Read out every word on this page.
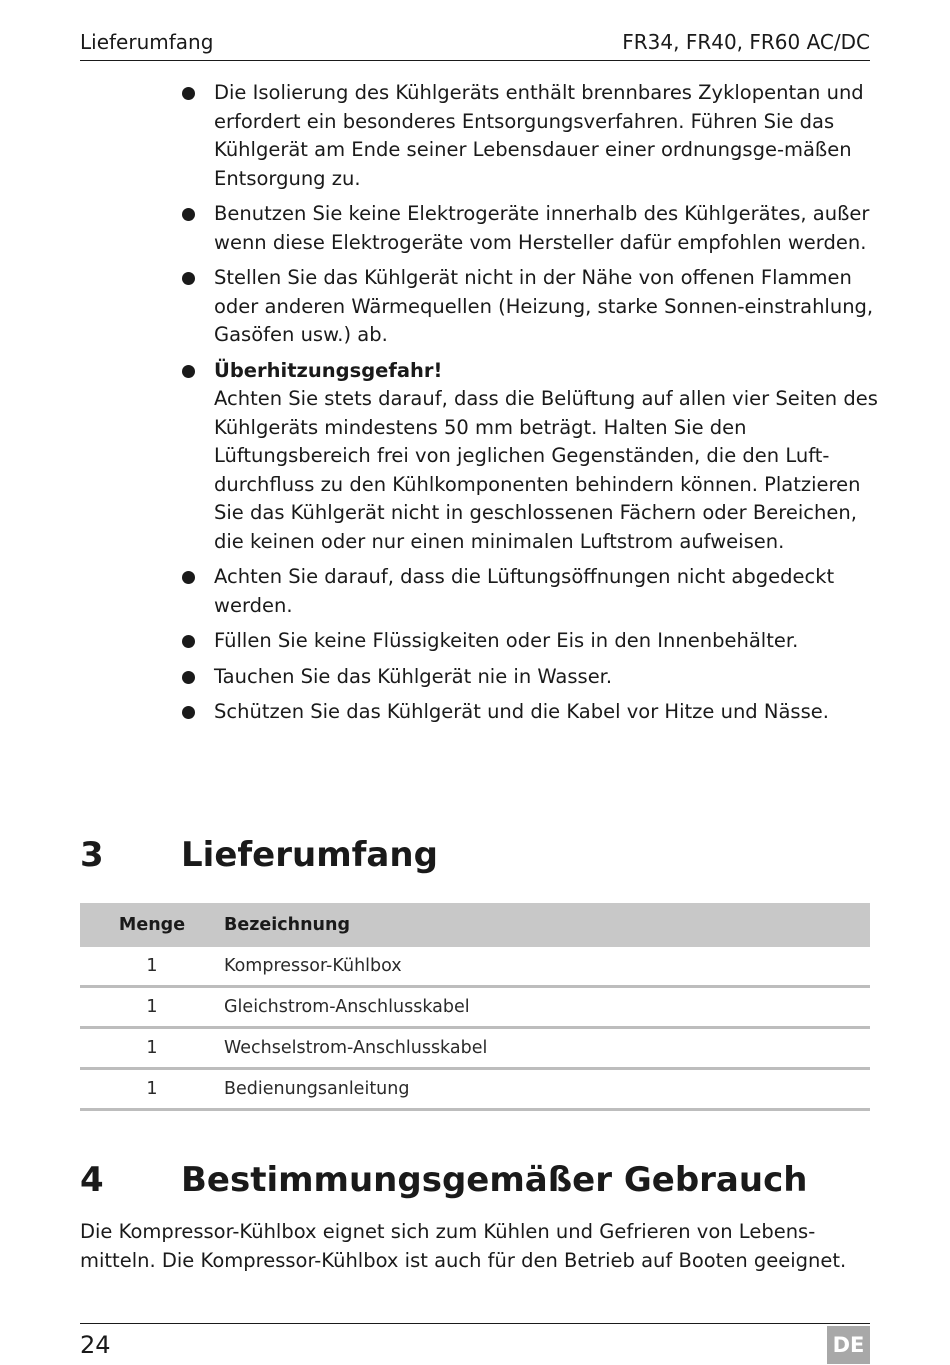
Lieferumfang	FR34, FR40, FR60 AC/DC
Die Isolierung des Kühlgeräts enthält brennbares Zyklopentan und erfordert ein besonderes Entsorgungsverfahren. Führen Sie das Kühlgerät am Ende seiner Lebensdauer einer ordnungsge-mäßen Entsorgung zu.
Benutzen Sie keine Elektrogeräte innerhalb des Kühlgerätes, außer wenn diese Elektrogeräte vom Hersteller dafür empfohlen werden.
Stellen Sie das Kühlgerät nicht in der Nähe von offenen Flammen oder anderen Wärmequellen (Heizung, starke Sonnen-einstrahlung, Gasöfen usw.) ab.
Überhitzungsgefahr!
Achten Sie stets darauf, dass die Belüftung auf allen vier Seiten des Kühlgeräts mindestens 50 mm beträgt. Halten Sie den Lüftungsbereich frei von jeglichen Gegenständen, die den Luft-durchfluss zu den Kühlkomponenten behindern können. Platzieren Sie das Kühlgerät nicht in geschlossenen Fächern oder Bereichen, die keinen oder nur einen minimalen Luftstrom aufweisen.
Achten Sie darauf, dass die Lüftungsöffnungen nicht abgedeckt werden.
Füllen Sie keine Flüssigkeiten oder Eis in den Innenbehälter.
Tauchen Sie das Kühlgerät nie in Wasser.
Schützen Sie das Kühlgerät und die Kabel vor Hitze und Nässe.
3 Lieferumfang
Menge	Bezeichnung
1	Kompressor-Kühlbox
1	Gleichstrom-Anschlusskabel
1	Wechselstrom-Anschlusskabel
1	Bedienungsanleitung
4 Bestimmungsgemäßer Gebrauch

Die Kompressor-Kühlbox eignet sich zum Kühlen und Gefrieren von Lebens-mitteln. Die Kompressor-Kühlbox ist auch für den Betrieb auf Booten geeignet.

24	DE
